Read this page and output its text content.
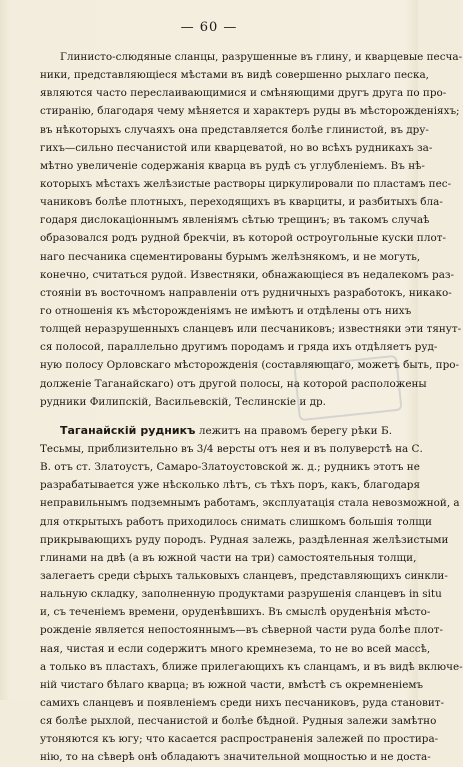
— 60 —
Глинисто-слюдяные сланцы, разрушенные въ глину, и кварцевые песча-
ники, представляющіеся мѣстами въ видѣ совершенно рыхлаго песка,
являются часто переслаивающимися и смѣняющими другъ друга по про-
стиранію, благодаря чему мѣняется и характеръ руды въ мѣсторожденіяхъ;
въ нѣкоторыхъ случаяхъ она представляется болѣе глинистой, въ дру-
гихъ—сильно песчанистой или кварцеватой, но во всѣхъ рудникахъ за-
мѣтно увеличеніе содержанія кварца въ рудѣ съ углубленіемъ. Въ нѣ-
которыхъ мѣстахъ желѣзистые растворы циркулировали по пластамъ пес-
чаниковъ болѣе плотныхъ, переходящихъ въ кварциты, и разбитыхъ бла-
годаря дислокаціоннымъ явленіямъ сѣтью трещинъ; въ такомъ случаѣ
образовался родъ рудной брекчіи, въ которой остроугольные куски плот-
наго песчаника сцементированы бурымъ желѣзнякомъ, и не могуть,
конечно, считаться рудой. Известняки, обнажающіеся въ недалекомъ раз-
стояніи въ восточномъ направленіи отъ рудничныхъ разработокъ, никако-
го отношенія къ мѣсторожденіямъ не имѣютъ и отдѣлены отъ нихъ
толщей неразрушенныхъ сланцевъ или песчаниковъ; известняки эти тянут-
ся полосой, параллельно другимъ породамъ и гряда ихъ отдѣляетъ руд-
ную полосу Орловскаго мѣсторожденія (составляющаго, можетъ быть, про-
долженіе Таганайскаго) отъ другой полосы, на которой расположены
рудники Филипскій, Васильевскій, Теслинскіе и др.
Таганайскій рудникъ лежитъ на правомъ берегу рѣки Б.
Тесьмы, приблизительно въ 3/4 версты отъ нея и въ полуверстѣ на С.
В. отъ ст. Златоустъ, Самаро-Златоустовской ж. д.; рудникъ этотъ не
разрабатывается уже нѣсколько лѣтъ, съ тѣхъ поръ, какъ, благодаря
неправильнымъ подземнымъ работамъ, эксплуатація стала невозможной, а
для открытыхъ работъ приходилось снимать слишкомъ большія толщи
прикрывающихъ руду породъ. Рудная залежь, раздѣленная желѣзистыми
глинами на двѣ (а въ южной части на три) самостоятельныя толщи,
залегаетъ среди сѣрыхъ тальковыхъ сланцевъ, представляющихъ синкли-
нальную складку, заполненную продуктами разрушенія сланцевъ in situ
и, съ теченіемъ времени, оруденѣвшихъ. Въ смыслѣ оруденѣнія мѣсто-
рожденіе является непостояннымъ—въ сѣверной части руда болѣе плот-
ная, чистая и если содержитъ много кремнезема, то не во всей массѣ,
а только въ пластахъ, ближе прилегающихъ къ сланцамъ, и въ видѣ включе-
ній чистаго бѣлаго кварца; въ южной части, вмѣстѣ съ окремненіемъ
самихъ сланцевъ и появленіемъ среди нихъ песчаниковъ, руда становит-
ся болѣе рыхлой, песчанистой и болѣе бѣдной. Рудныя залежи замѣтно
утоняются къ югу; что касается распространенія залежей по простира-
нію, то на сѣверѣ онѣ обладаютъ значительной мощностью и не доста-
